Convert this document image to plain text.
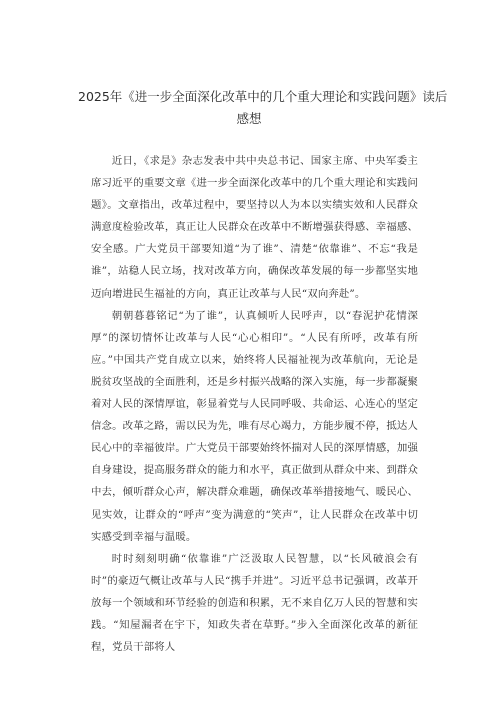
2025年《进一步全面深化改革中的几个重大理论和实践问题》读后
感想

近日，《求是》杂志发表中共中央总书记、国家主席、中央军委主席习近平的重要文章《进一步全面深化改革中的几个重大理论和实践问题》。文章指出，改革过程中，要坚持以人为本以实绩实效和人民群众满意度检验改革，真正让人民群众在改革中不断增强获得感、幸福感、安全感。广大党员干部要知道“为了谁”、清楚“依靠谁”、不忘“我是谁”，站稳人民立场，找对改革方向，确保改革发展的每一步都坚实地迈向增进民生福祉的方向，真正让改革与人民“双向奔赴”。

朝朝暮暮铭记“为了谁”，认真倾听人民呼声，以“春泥护花情深厚”的深切情怀让改革与人民“心心相印”。“人民有所呼，改革有所应。”中国共产党自成立以来，始终将人民福祉视为改革航向，无论是脱贫攻坚战的全面胜利，还是乡村振兴战略的深入实施，每一步都凝聚着对人民的深情厚谊，彰显着党与人民同呼吸、共命运、心连心的坚定信念。改革之路，需以民为先，唯有尽心竭力，方能步履不停，抵达人民心中的幸福彼岸。广大党员干部要始终怀揣对人民的深厚情感，加强自身建设，提高服务群众的能力和水平，真正做到从群众中来、到群众中去，倾听群众心声，解决群众难题，确保改革举措接地气、暖民心、见实效，让群众的“呼声”变为满意的“笑声”，让人民群众在改革中切实感受到幸福与温暖。

时时刻刻明确“依靠谁”广泛汲取人民智慧，以“长风破浪会有时”的豪迈气概让改革与人民“携手并进”。习近平总书记强调，改革开放每一个领域和环节经验的创造和积累，无不来自亿万人民的智慧和实践。“知屋漏者在宇下，知政失者在草野。”步入全面深化改革的新征程，党员干部将人
